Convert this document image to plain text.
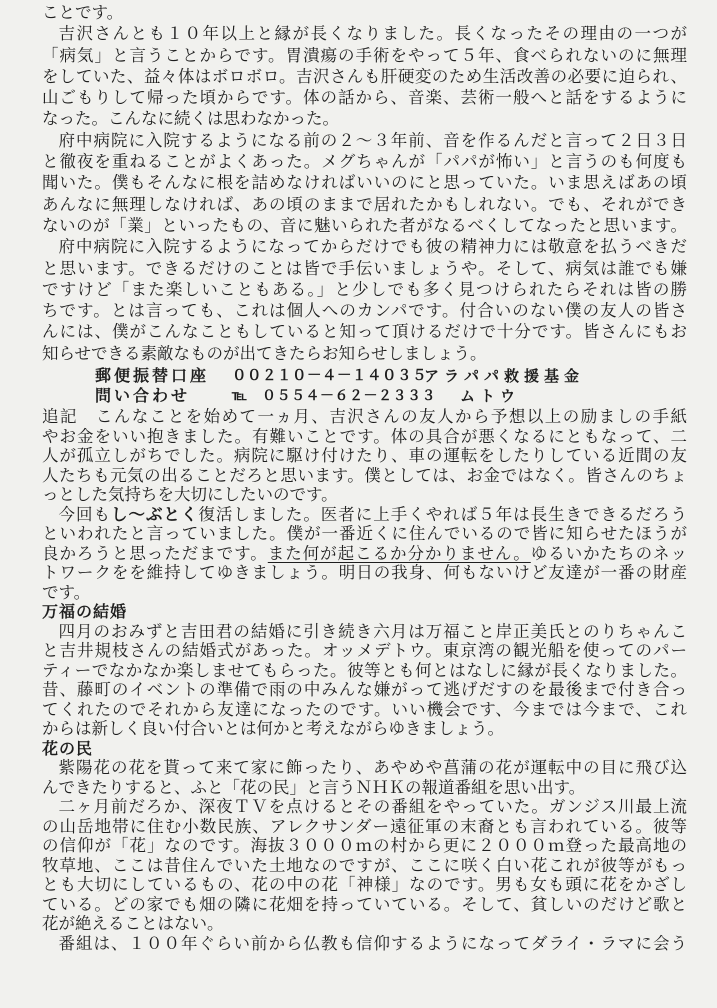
ことです。
吉沢さんとも１０年以上と縁が長くなりました。長くなったその理由の一つが
「病気」と言うことからです。胃潰瘍の手術をやって５年、食べられないのに無理
をしていた、益々体はボロボロ。吉沢さんも肝硬変のため生活改善の必要に迫られ、
山ごもりして帰った頃からです。体の話から、音楽、芸術一般へと話をするように
なった。こんなに続くは思わなかった。
府中病院に入院するようになる前の２～３年前、音を作るんだと言って２日３日
と徹夜を重ねることがよくあった。メグちゃんが「パパが怖い」と言うのも何度も
聞いた。僕もそんなに根を詰めなければいいのにと思っていた。いま思えばあの頃
あんなに無理しなければ、あの頃のままで居れたかもしれない。でも、それができ
ないのが「業」といったもの、音に魅いられた者がなるべくしてなったと思います。
府中病院に入院するようになってからだけでも彼の精神力には敬意を払うべきだ
と思います。できるだけのことは皆で手伝いましょうや。そして、病気は誰でも嫌
ですけど「また楽しいこともある。」と少しでも多く見つけられたらそれは皆の勝
ちです。とは言っても、これは個人へのカンパです。付合いのない僕の友人の皆さ
んには、僕がこんなこともしていると知って頂けるだけで十分です。皆さんにもお
知らせできる素敵なものが出てきたらお知らせしましょう。
郵便振替口座 ００２１０－４－１４０３５
アラパパ救援基金
問い合わせ	℡ ０５５４－６２－２３３３ ムトウ
追記　こんなことを始めて一ヵ月、吉沢さんの友人から予想以上の励ましの手紙
やお金をいい抱きました。有難いことです。体の具合が悪くなるにともなって、二
人が孤立しがちでした。病院に駆け付けたり、車の運転をしたりしている近間の友
人たちも元気の出ることだろと思います。僕としては、お金ではなく。皆さんのちょ
っとした気持ちを大切にしたいのです。
今回もし～ぶとく復活しました。医者に上手くやれば５年は長生きできるだろう
といわれたと言っていました。僕が一番近くに住んでいるので皆に知らせたほうが
良かろうと思っただまです。また何が起こるか分かりません。ゆるいかたちのネッ
トワークをを維持してゆきましょう。明日の我身、何もないけど友達が一番の財産
です。
万福の結婚
四月のおみずと吉田君の結婚に引き続き六月は万福こと岸正美氏とのりちゃんこ
と吉井規枝さんの結婚式があった。オッメデトウ。東京湾の観光船を使ってのパー
ティーでなかなか楽しませてもらった。彼等とも何とはなしに縁が長くなりました。
昔、藤町のイベントの準備で雨の中みんな嫌がって逃げだすのを最後まで付き合っ
てくれたのでそれから友達になったのです。いい機会です、今までは今まで、これ
からは新しく良い付合いとは何かと考えながらゆきましょう。
花の民
紫陽花の花を貰って来て家に飾ったり、あやめや菖蒲の花が運転中の目に飛び込
んできたりすると、ふと「花の民」と言うＮＨＫの報道番組を思い出す。
二ヶ月前だろか、深夜ＴＶを点けるとその番組をやっていた。ガンジス川最上流
の山岳地帯に住む小数民族、アレクサンダー遠征軍の末裔とも言われている。彼等
の信仰が「花」なのです。海抜３０００ｍの村から更に２０００ｍ登った最高地の
牧草地、ここは昔住んでいた土地なのですが、ここに咲く白い花これが彼等がもっ
とも大切にしているもの、花の中の花「神様」なのです。男も女も頭に花をかざし
ている。どの家でも畑の隣に花畑を持っていている。そして、貧しいのだけど歌と
花が絶えることはない。
番組は、１００年ぐらい前から仏教も信仰するようになってダライ・ラマに会う
